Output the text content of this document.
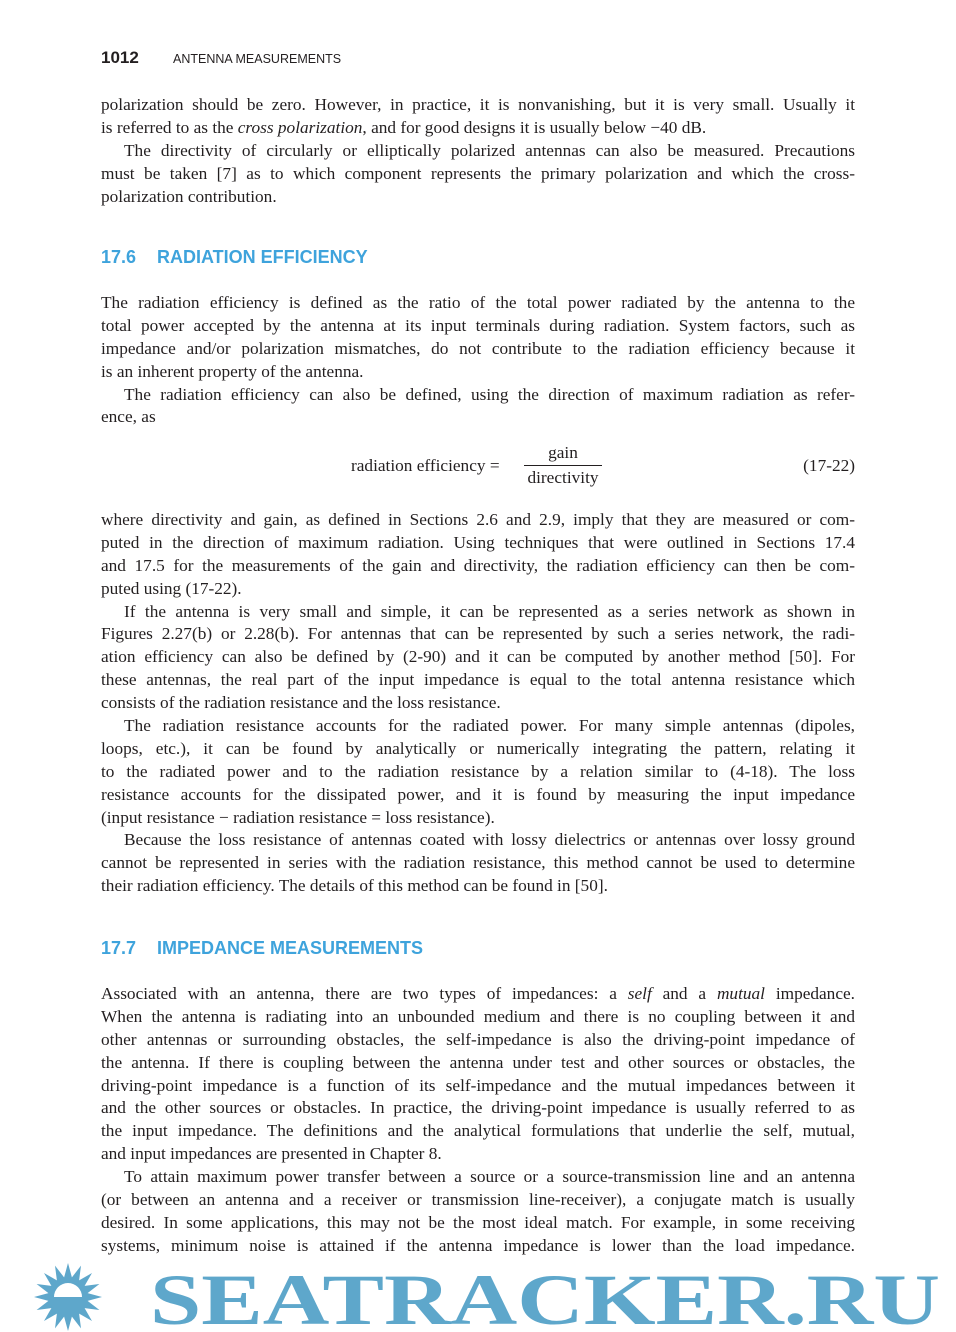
1012	ANTENNA MEASUREMENTS
polarization should be zero. However, in practice, it is nonvanishing, but it is very small. Usually it
is referred to as the cross polarization, and for good designs it is usually below −40 dB.
The directivity of circularly or elliptically polarized antennas can also be measured. Precautions
must be taken [7] as to which component represents the primary polarization and which the cross-
polarization contribution.
17.6 RADIATION EFFICIENCY
The radiation efficiency is defined as the ratio of the total power radiated by the antenna to the
total power accepted by the antenna at its input terminals during radiation. System factors, such as
impedance and/or polarization mismatches, do not contribute to the radiation efficiency because it
is an inherent property of the antenna.
The radiation efficiency can also be defined, using the direction of maximum radiation as refer-
ence, as
radiation efficiency =
gain
directivity
(17-22)
where directivity and gain, as defined in Sections 2.6 and 2.9, imply that they are measured or com-
puted in the direction of maximum radiation. Using techniques that were outlined in Sections 17.4
and 17.5 for the measurements of the gain and directivity, the radiation efficiency can then be com-
puted using (17-22).
If the antenna is very small and simple, it can be represented as a series network as shown in
Figures 2.27(b) or 2.28(b). For antennas that can be represented by such a series network, the radi-
ation efficiency can also be defined by (2-90) and it can be computed by another method [50]. For
these antennas, the real part of the input impedance is equal to the total antenna resistance which
consists of the radiation resistance and the loss resistance.
The radiation resistance accounts for the radiated power. For many simple antennas (dipoles,
loops, etc.), it can be found by analytically or numerically integrating the pattern, relating it
to the radiated power and to the radiation resistance by a relation similar to (4-18). The loss
resistance accounts for the dissipated power, and it is found by measuring the input impedance
(input resistance − radiation resistance = loss resistance).
Because the loss resistance of antennas coated with lossy dielectrics or antennas over lossy ground
cannot be represented in series with the radiation resistance, this method cannot be used to determine
their radiation efficiency. The details of this method can be found in [50].
17.7 IMPEDANCE MEASUREMENTS
Associated with an antenna, there are two types of impedances: a self and a mutual impedance.
When the antenna is radiating into an unbounded medium and there is no coupling between it and
other antennas or surrounding obstacles, the self-impedance is also the driving-point impedance of
the antenna. If there is coupling between the antenna under test and other sources or obstacles, the
driving-point impedance is a function of its self-impedance and the mutual impedances between it
and the other sources or obstacles. In practice, the driving-point impedance is usually referred to as
the input impedance. The definitions and the analytical formulations that underlie the self, mutual,
and input impedances are presented in Chapter 8.
To attain maximum power transfer between a source or a source-transmission line and an antenna
(or between an antenna and a receiver or transmission line-receiver), a conjugate match is usually
desired. In some applications, this may not be the most ideal match. For example, in some receiving
systems, minimum noise is attained if the antenna impedance is lower than the load impedance.
SEATRACKER.RU
